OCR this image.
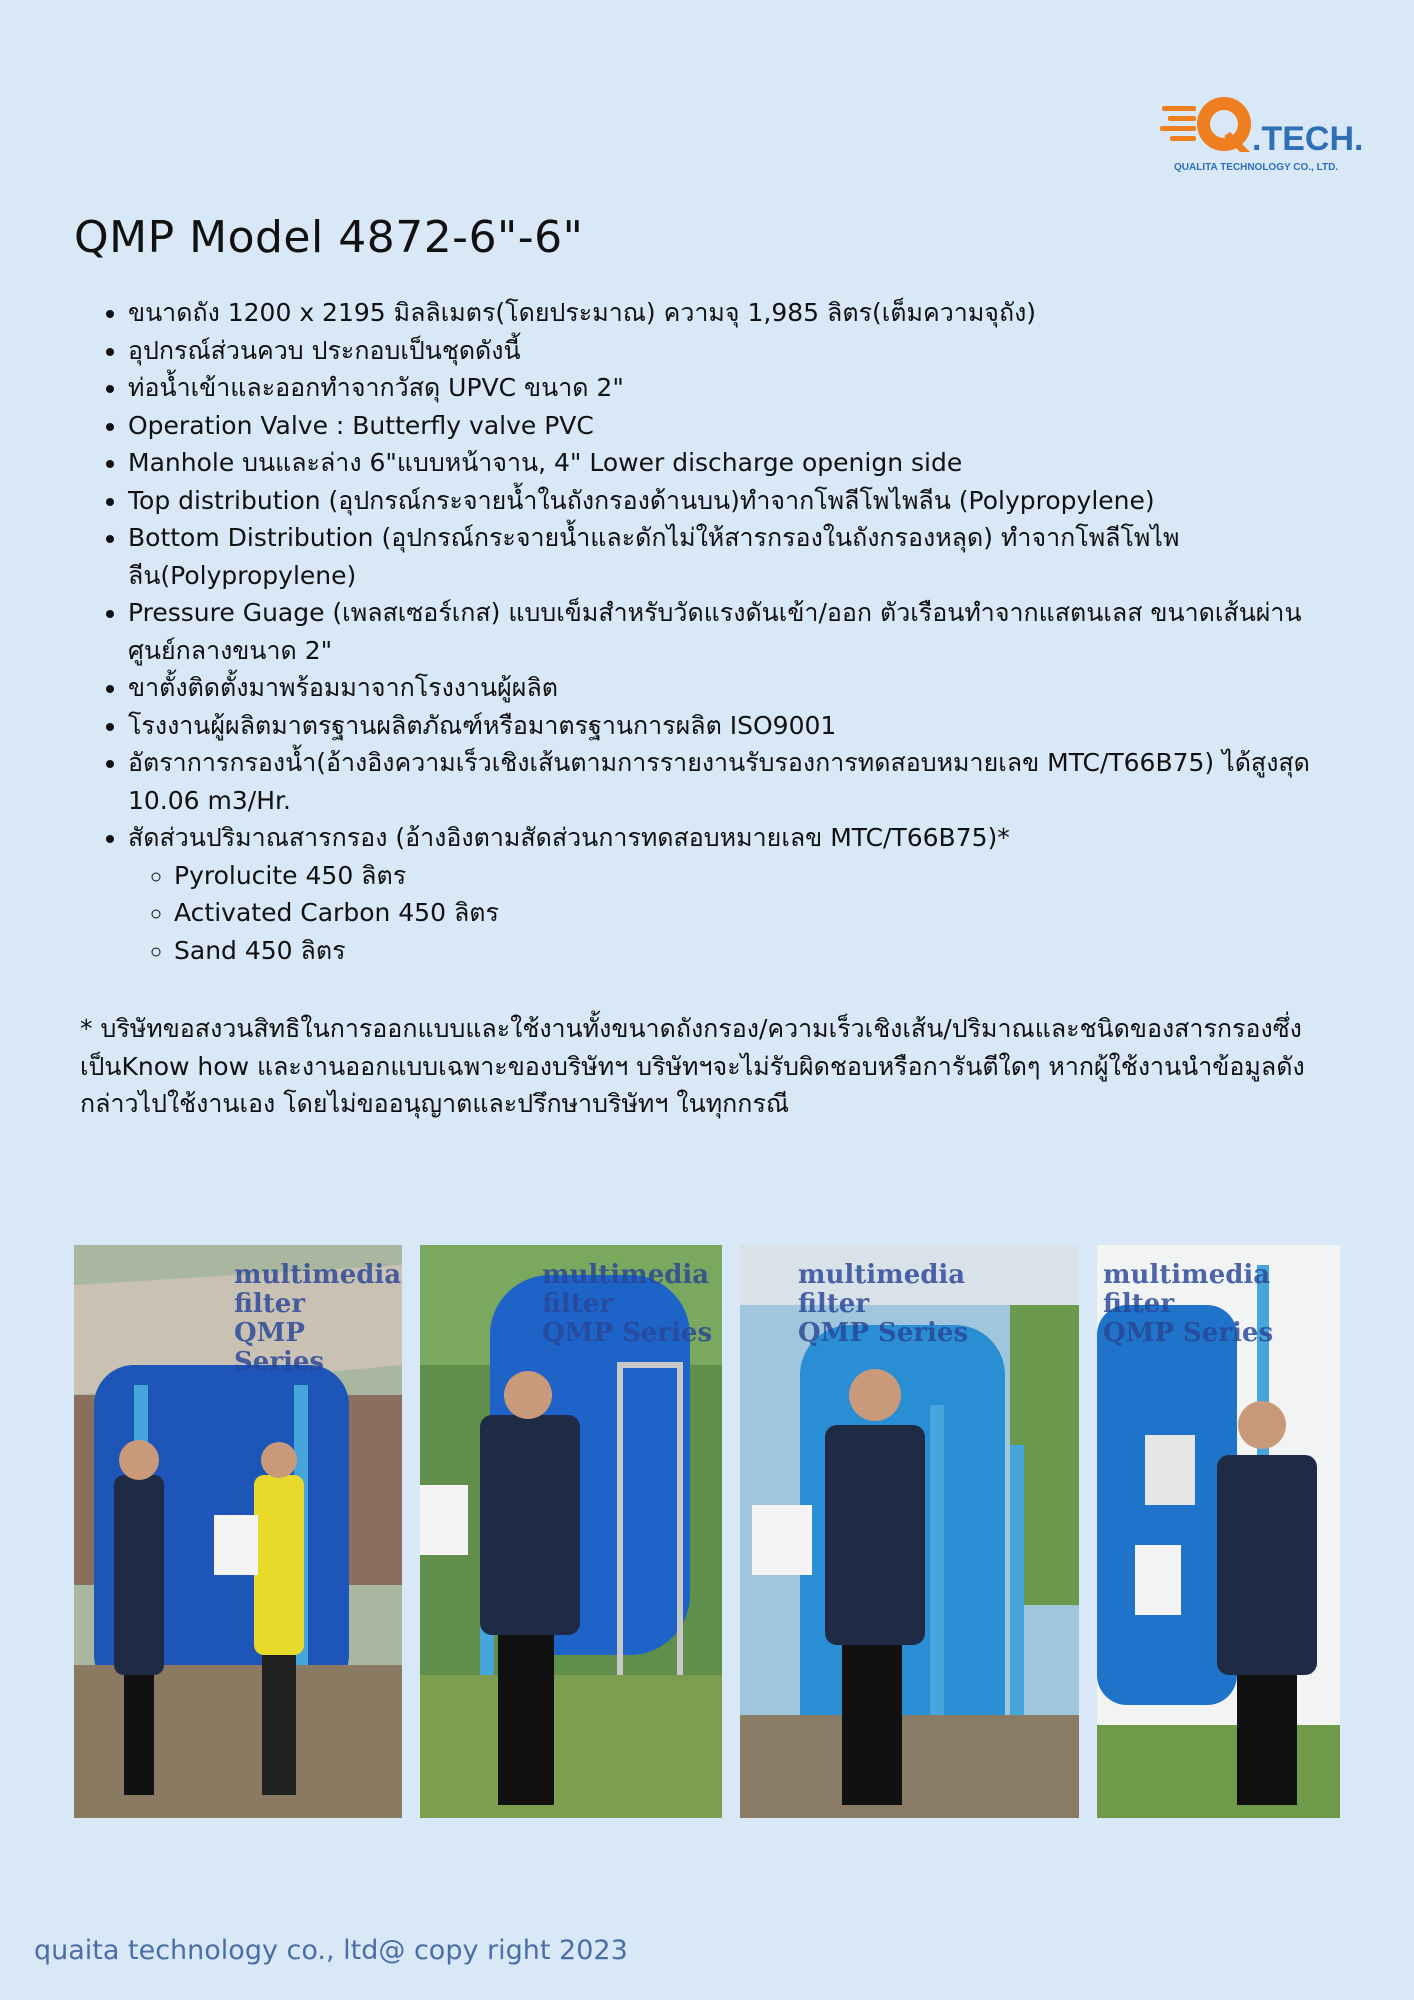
.TECH.
QUALITA TECHNOLOGY CO., LTD.
QMP Model 4872-6"-6"
• ขนาดถัง 1200 x 2195 มิลลิเมตร(โดยประมาณ) ความจุ 1,985 ลิตร(เต็มความจุถัง)
• อุปกรณ์ส่วนควบ ประกอบเป็นชุดดังนี้
• ท่อน้ำเข้าและออกทำจากวัสดุ UPVC ขนาด 2"
• Operation Valve : Butterfly valve PVC
• Manhole บนและล่าง 6"แบบหน้าจาน, 4" Lower discharge openign side
• Top distribution (อุปกรณ์กระจายน้ำในถังกรองด้านบน)ทำจากโพลีโพไพลีน (Polypropylene)
• Bottom Distribution (อุปกรณ์กระจายน้ำและดักไม่ให้สารกรองในถังกรองหลุด) ทำจากโพลีโพไพลีน(Polypropylene)
• Pressure Guage (เพลสเซอร์เกส) แบบเข็มสำหรับวัดแรงดันเข้า/ออก ตัวเรือนทำจากแสตนเลส ขนาดเส้นผ่านศูนย์กลางขนาด 2"
• ขาตั้งติดตั้งมาพร้อมมาจากโรงงานผู้ผลิต
• โรงงานผู้ผลิตมาตรฐานผลิตภัณฑ์หรือมาตรฐานการผลิต ISO9001
• อัตราการกรองน้ำ(อ้างอิงความเร็วเชิงเส้นตามการรายงานรับรองการทดสอบหมายเลข MTC/T66B75) ได้สูงสุด 10.06 m3/Hr.
• สัดส่วนปริมาณสารกรอง (อ้างอิงตามสัดส่วนการทดสอบหมายเลข MTC/T66B75)*
◦ Pyrolucite 450 ลิตร
◦ Activated Carbon 450 ลิตร
◦ Sand 450 ลิตร
* บริษัทขอสงวนสิทธิในการออกแบบและใช้งานทั้งขนาดถังกรอง/ความเร็วเชิงเส้น/ปริมาณและชนิดของสารกรองซึ่งเป็นKnow how และงานออกแบบเฉพาะของบริษัทฯ บริษัทฯจะไม่รับผิดชอบหรือการันตีใดๆ หากผู้ใช้งานนำข้อมูลดังกล่าวไปใช้งานเอง โดยไม่ขออนุญาตและปรึกษาบริษัทฯ ในทุกกรณี
multimedia
filter
QMP Series
multimedia
filter
QMP Series
multimedia
filter
QMP Series
multimedia
filter
QMP Series
quaita technology co., ltd@ copy right 2023
